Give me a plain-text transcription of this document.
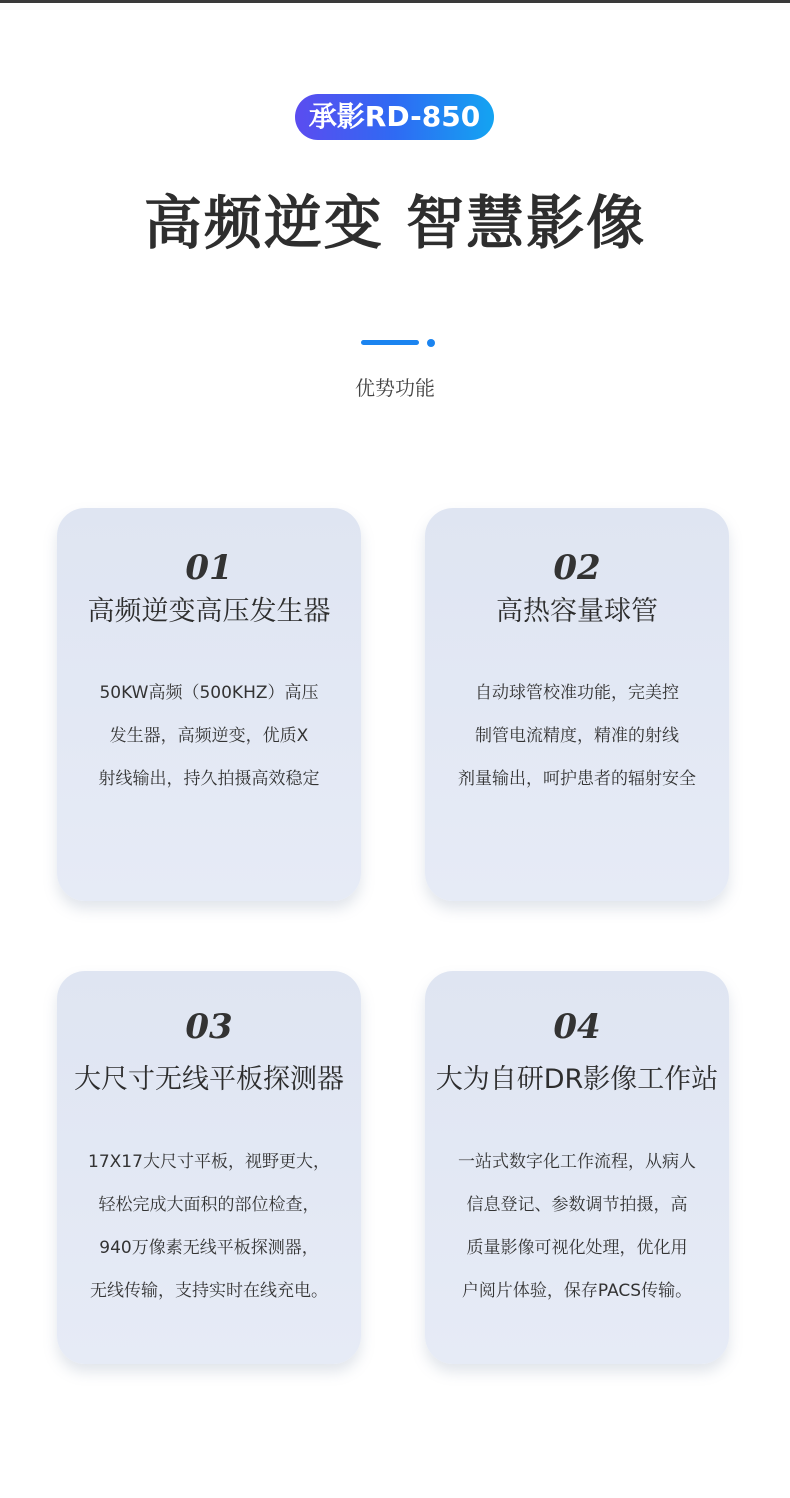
承影RD-850
高频逆变 智慧影像
优势功能
01
高频逆变高压发生器
50KW高频（500KHZ）高压
发生器，高频逆变，优质X
射线输出，持久拍摄高效稳定
02
高热容量球管
自动球管校准功能，完美控
制管电流精度，精准的射线
剂量输出，呵护患者的辐射安全
03
大尺寸无线平板探测器
17X17大尺寸平板，视野更大，
轻松完成大面积的部位检查，
940万像素无线平板探测器，
无线传输，支持实时在线充电。
04
大为自研DR影像工作站
一站式数字化工作流程，从病人
信息登记、参数调节拍摄，高
质量影像可视化处理，优化用
户阅片体验，保存PACS传输。
